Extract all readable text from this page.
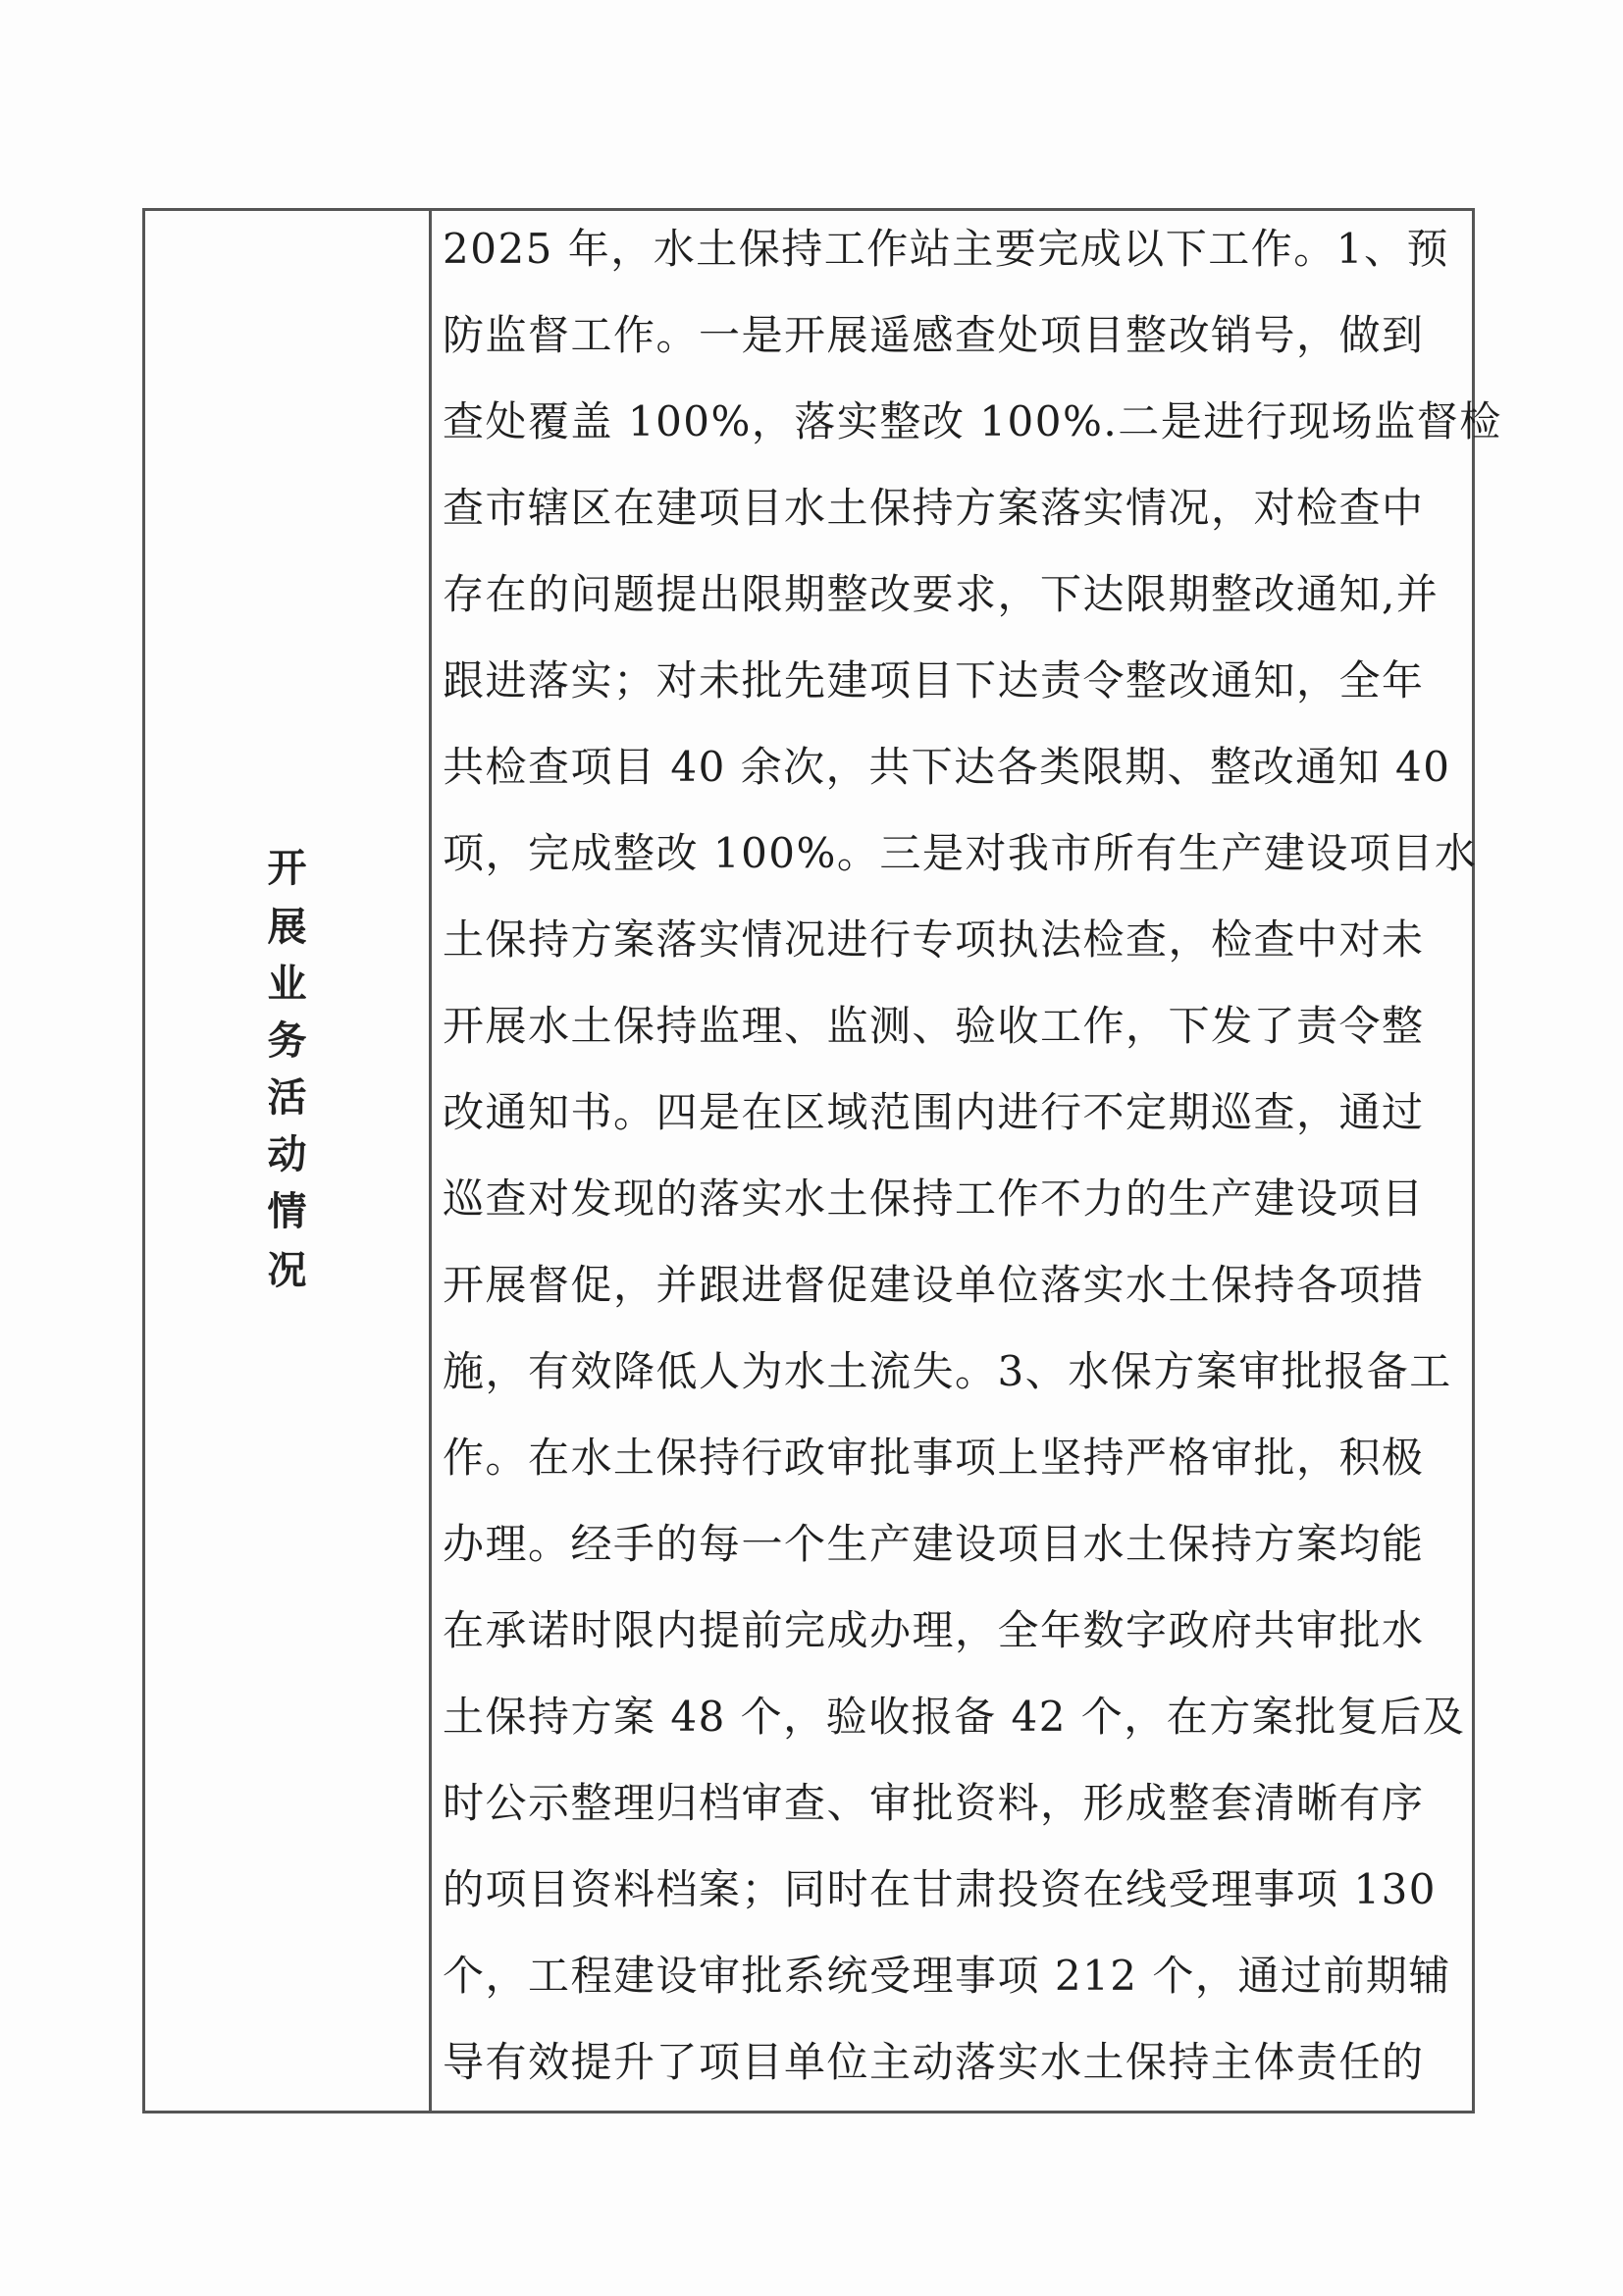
开
展
业
务
活
动
情
况
2025 年，水土保持工作站主要完成以下工作。1、预
防监督工作。一是开展遥感查处项目整改销号，做到
查处覆盖 100%，落实整改 100%.二是进行现场监督检
查市辖区在建项目水土保持方案落实情况，对检查中
存在的问题提出限期整改要求，下达限期整改通知,并
跟进落实；对未批先建项目下达责令整改通知，全年
共检查项目 40 余次，共下达各类限期、整改通知 40
项，完成整改 100%。三是对我市所有生产建设项目水
土保持方案落实情况进行专项执法检查，检查中对未
开展水土保持监理、监测、验收工作，下发了责令整
改通知书。四是在区域范围内进行不定期巡查，通过
巡查对发现的落实水土保持工作不力的生产建设项目
开展督促，并跟进督促建设单位落实水土保持各项措
施，有效降低人为水土流失。3、水保方案审批报备工
作。在水土保持行政审批事项上坚持严格审批，积极
办理。经手的每一个生产建设项目水土保持方案均能
在承诺时限内提前完成办理，全年数字政府共审批水
土保持方案 48 个，验收报备 42 个，在方案批复后及
时公示整理归档审查、审批资料，形成整套清晰有序
的项目资料档案；同时在甘肃投资在线受理事项 130
个，工程建设审批系统受理事项 212 个，通过前期辅
导有效提升了项目单位主动落实水土保持主体责任的
